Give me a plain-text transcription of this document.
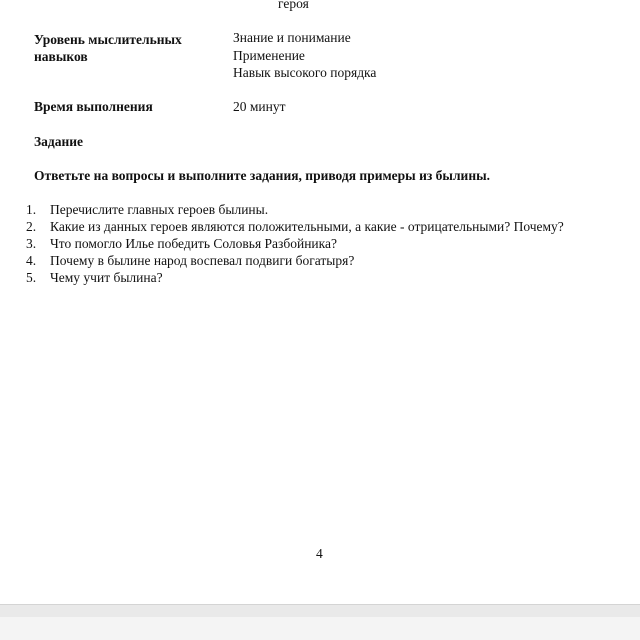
героя
Уровень мыслительных навыков
Знание и понимание
Применение
Навык высокого порядка
Время выполнения	20 минут
Задание
Ответьте на вопросы и выполните задания, приводя примеры из былины.
1. Перечислите главных героев былины.
2. Какие из данных героев являются положительными, а какие - отрицательными? Почему?
3. Что помогло Илье победить Соловья Разбойника?
4. Почему в былине народ воспевал подвиги богатыря?
5. Чему учит былина?
4
